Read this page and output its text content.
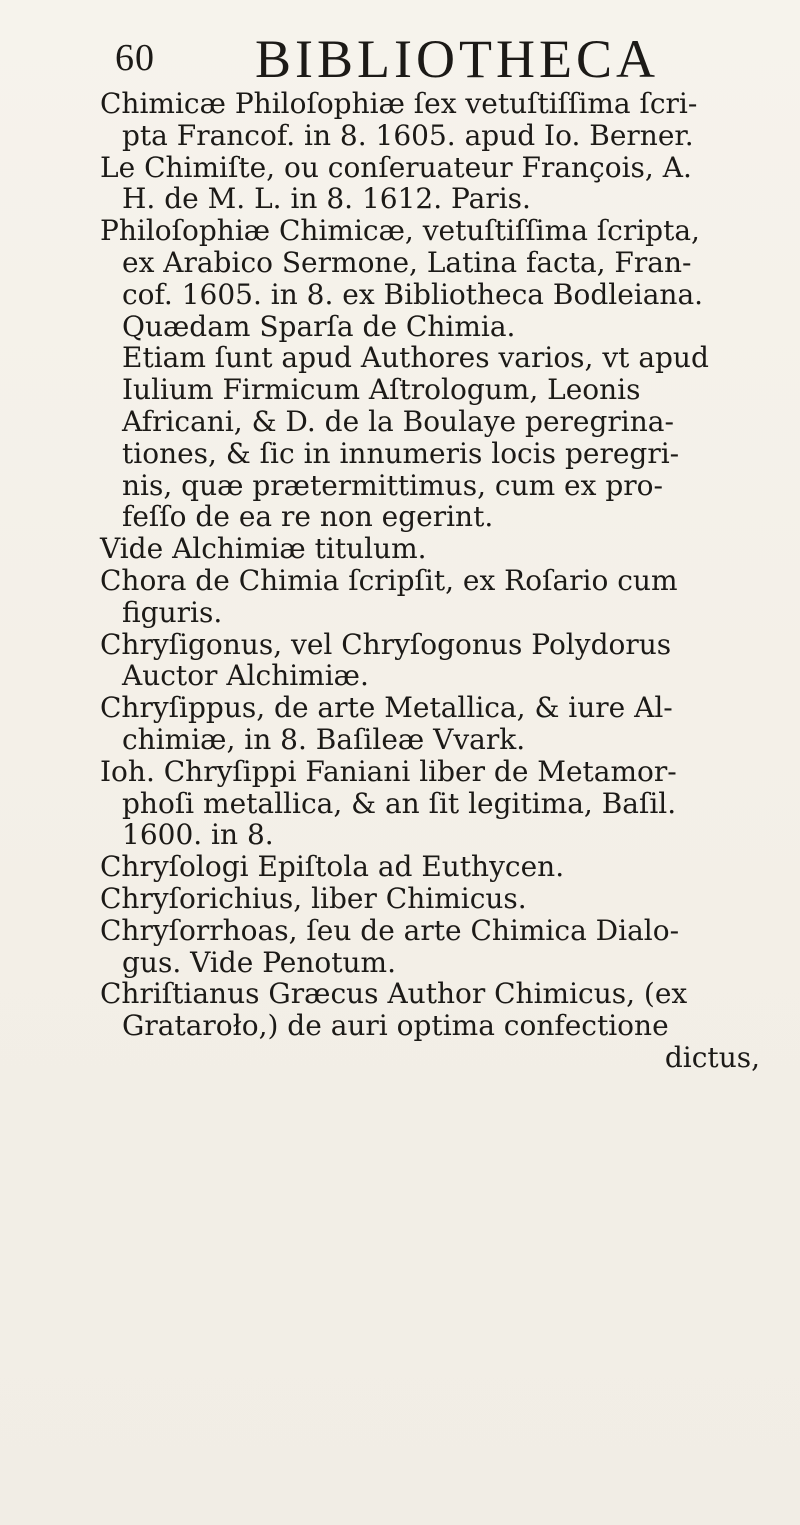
60 BIBLIOTHECA
Chimicæ Philoſophiæ ſex vetuſtiſſima ſcri-
pta Francof. in 8. 1605. apud Io. Berner.
Le Chimiſte, ou conſeruateur François, A.
H. de M. L. in 8. 1612. Paris.
Philoſophiæ Chimicæ, vetuſtiſſima ſcripta,
ex Arabico Sermone, Latina facta, Fran-
cof. 1605. in 8. ex Bibliotheca Bodleiana.
Quædam Sparſa de Chimia.
Etiam ſunt apud Authores varios, vt apud
Iulium Firmicum Aſtrologum, Leonis
Africani, & D. de la Boulaye peregrina-
tiones, & ſic in innumeris locis peregri-
nis, quæ prætermittimus, cum ex pro-
feſſo de ea re non egerint.
Vide Alchimiæ titulum.
Chora de Chimia ſcripſit, ex Roſario cum
figuris.
Chryſigonus, vel Chryſogonus Polydorus
Auctor Alchimiæ.
Chryſippus, de arte Metallica, & iure Al-
chimiæ, in 8. Baſileæ Vvark.
Ioh. Chryſippi Faniani liber de Metamor-
phoſi metallica, & an ſit legitima, Baſil.
1600. in 8.
Chryſologi Epiſtola ad Euthycen.
Chryſorichius, liber Chimicus.
Chryſorrhoas, ſeu de arte Chimica Dialo-
gus. Vide Penotum.
Chriſtianus Græcus Author Chimicus, (ex
Grataroło,) de auri optima confectione
dictus,
